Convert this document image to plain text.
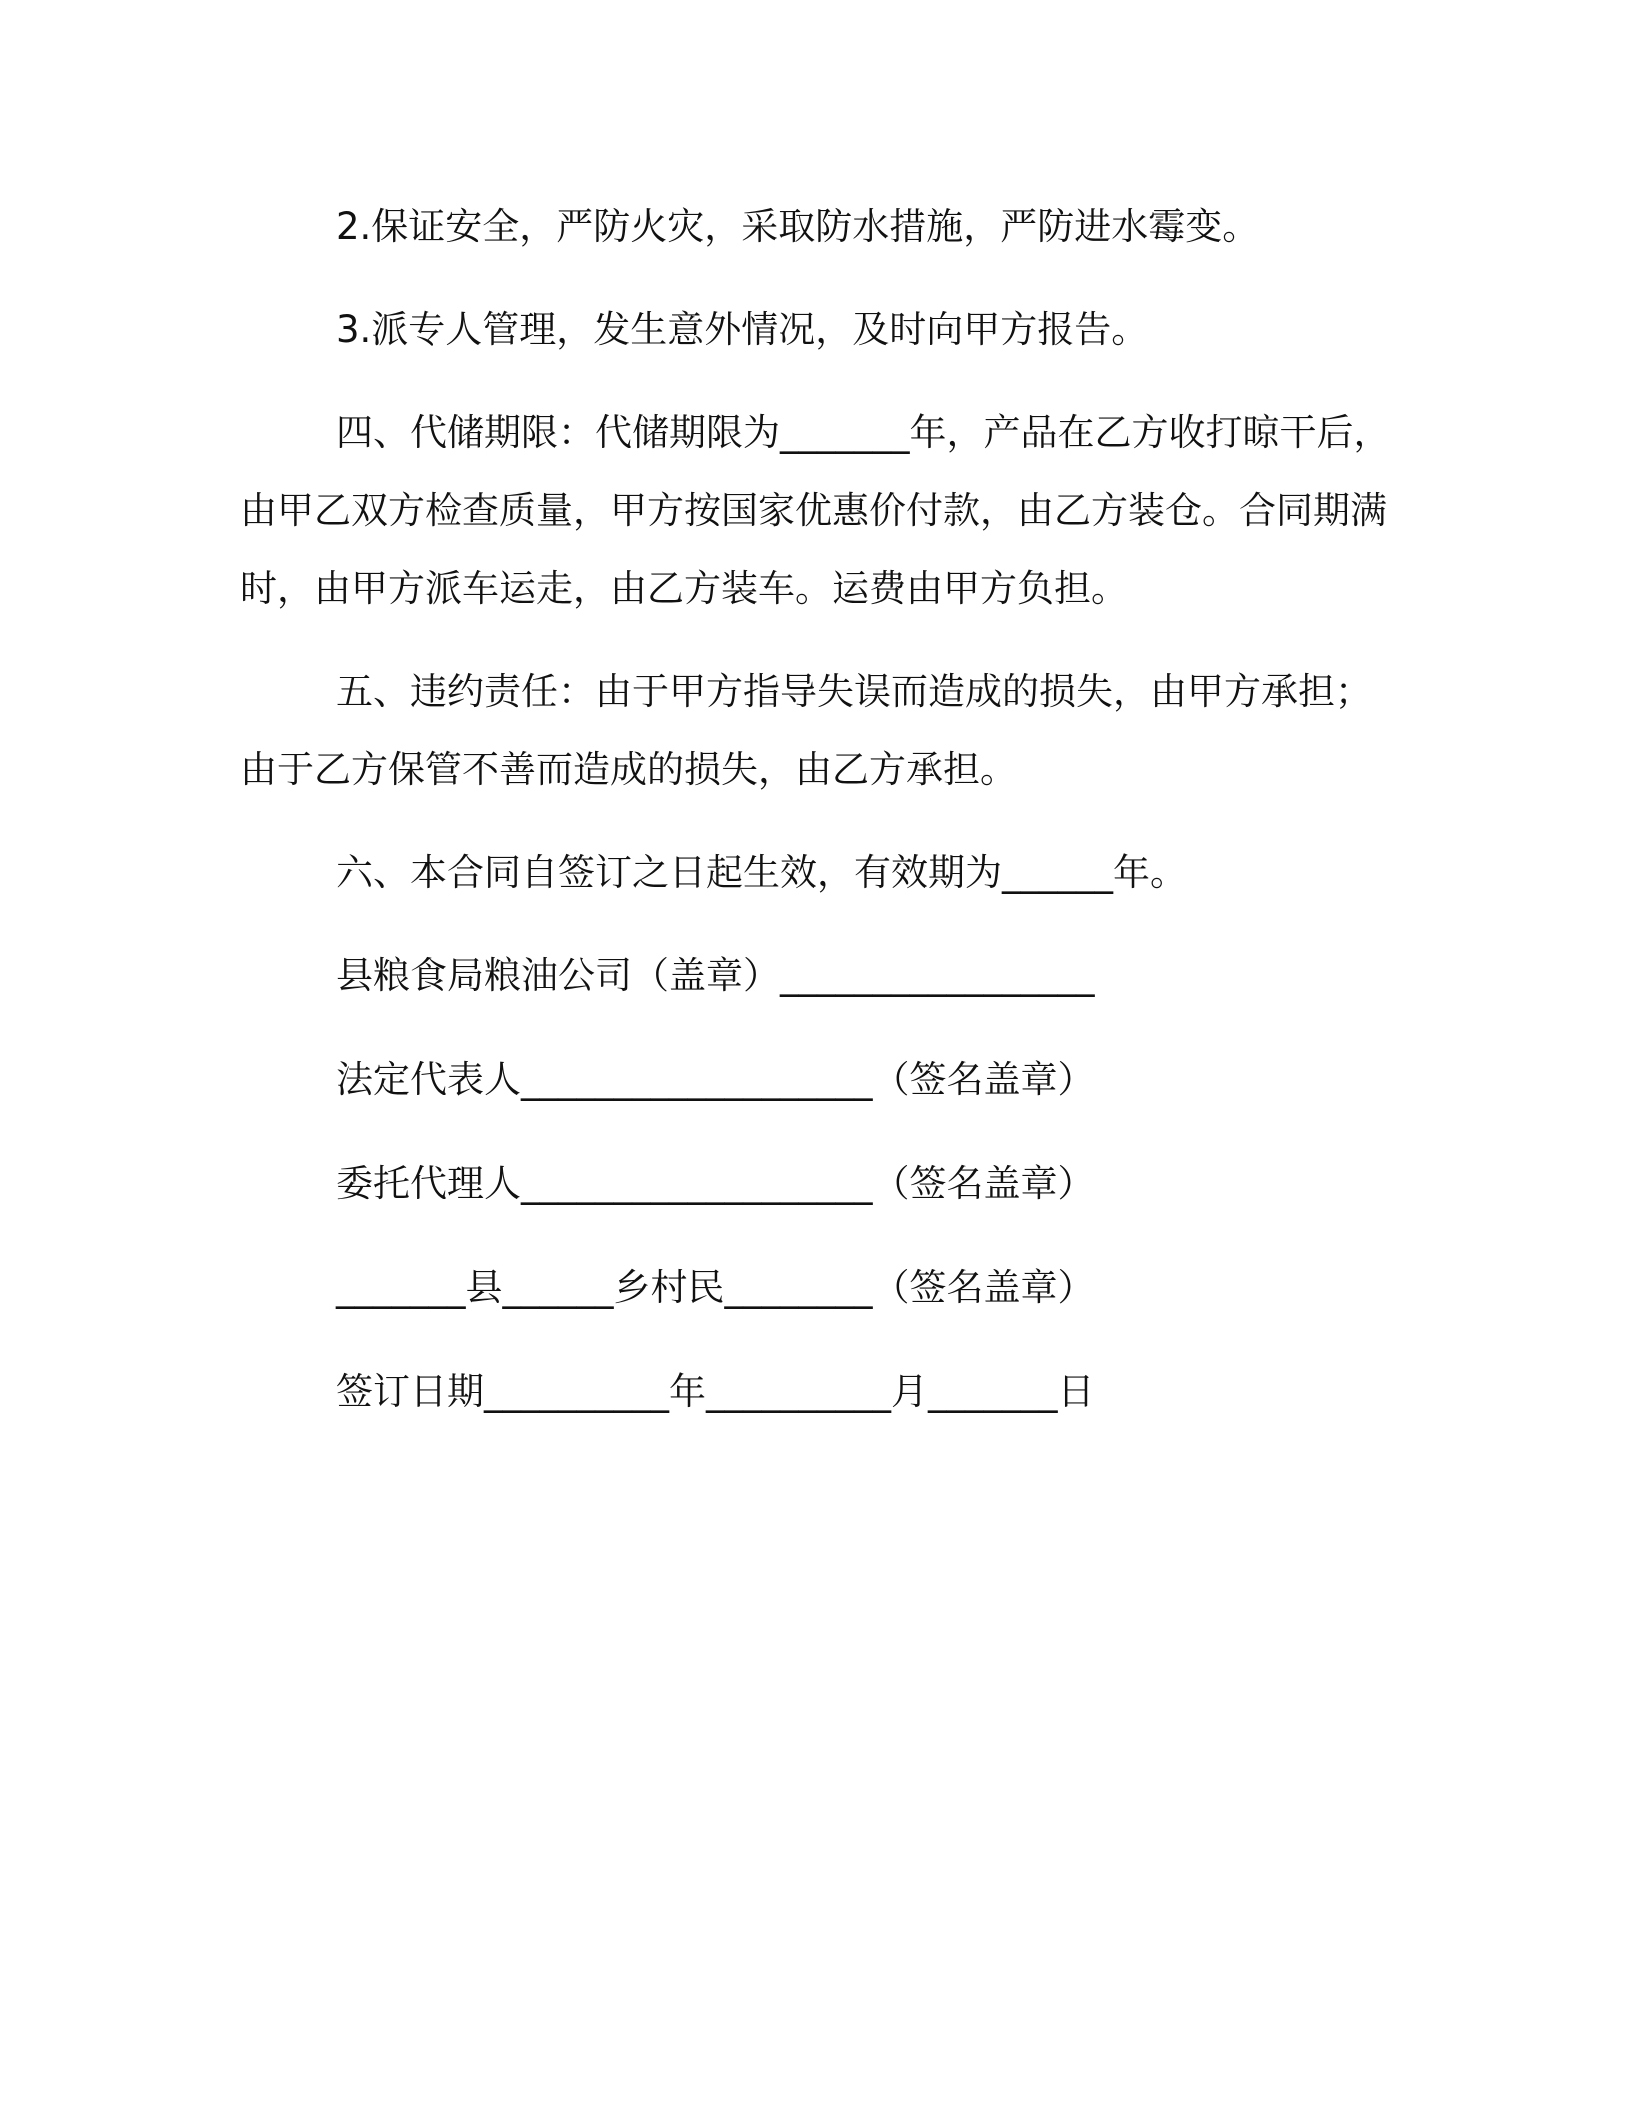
2.保证安全，严防火灾，采取防水措施，严防进水霉变。

3.派专人管理，发生意外情况，及时向甲方报告。

四、代储期限：代储期限为_______年，产品在乙方收打晾干后，由甲乙双方检查质量，甲方按国家优惠价付款，由乙方装仓。合同期满时，由甲方派车运走，由乙方装车。运费由甲方负担。

五、违约责任：由于甲方指导失误而造成的损失，由甲方承担；由于乙方保管不善而造成的损失，由乙方承担。

六、本合同自签订之日起生效，有效期为______年。

县粮食局粮油公司（盖章）_________________
法定代表人___________________（签名盖章）
委托代理人___________________（签名盖章）
_______县______乡村民________（签名盖章）
签订日期__________年__________月_______日
